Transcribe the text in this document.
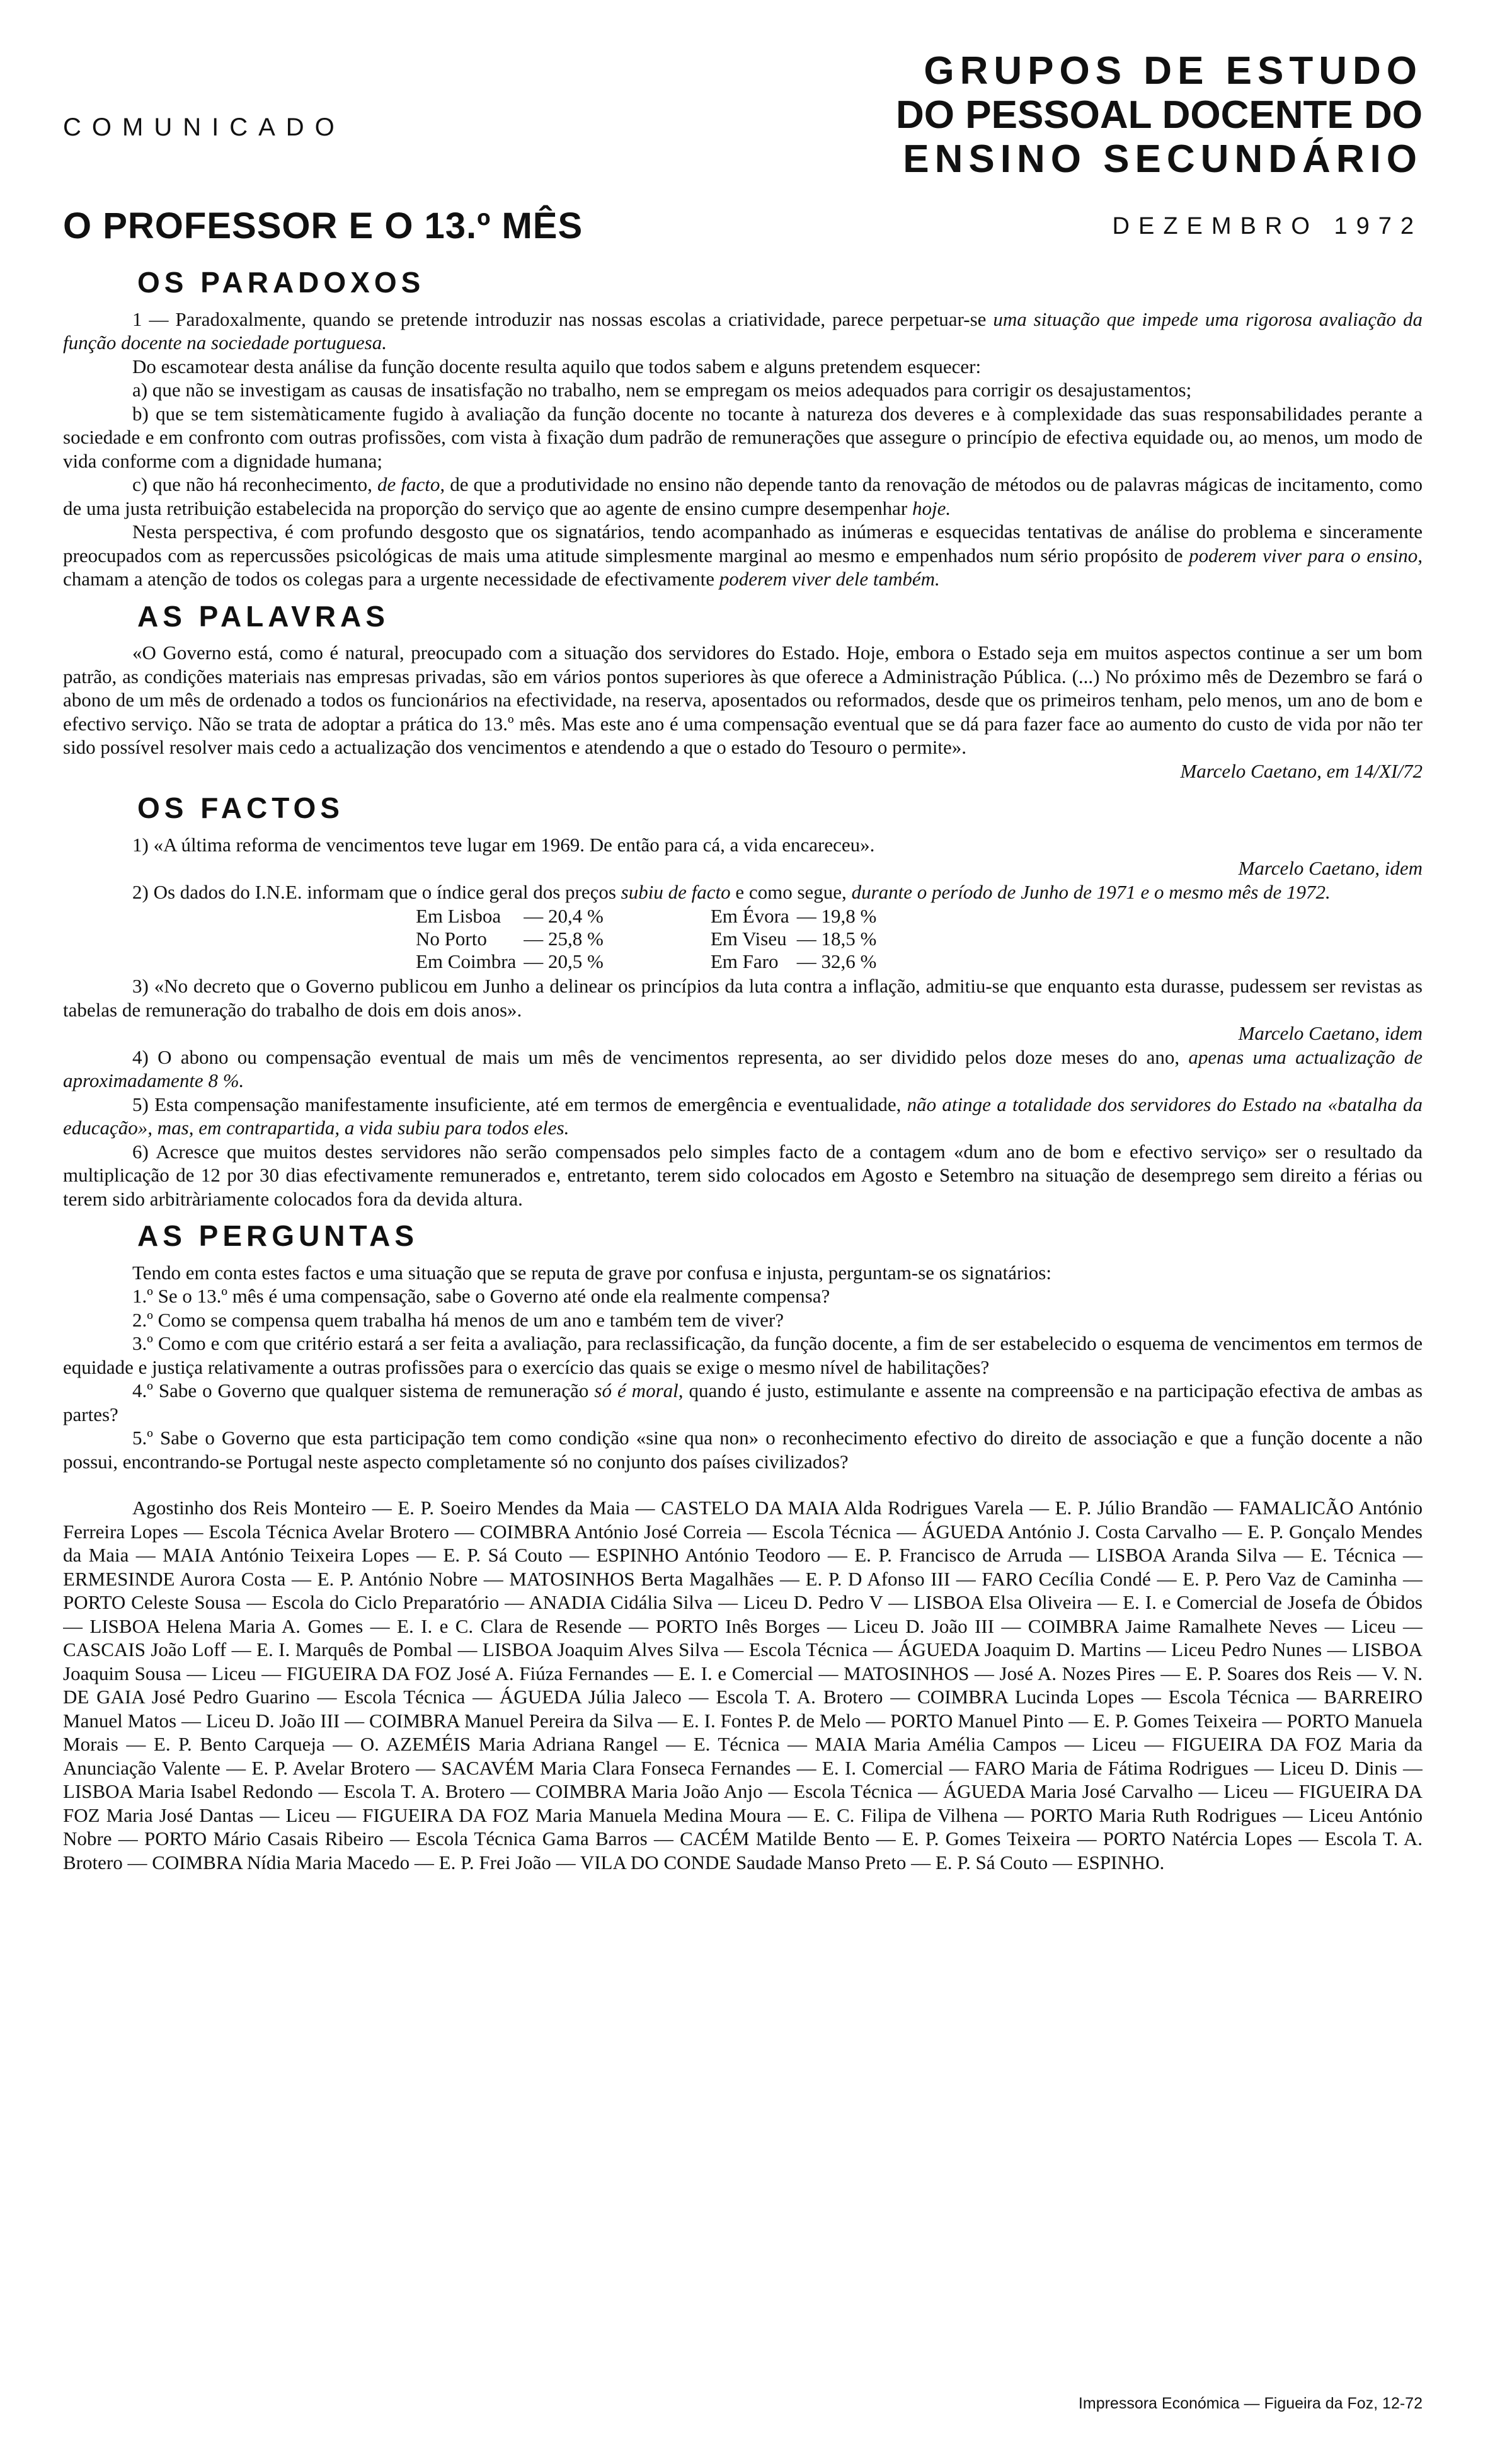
COMUNICADO

O PROFESSOR E O 13.º MÊS
GRUPOS DE ESTUDO
DO PESSOAL DOCENTE DO
ENSINO SECUNDÁRIO

DEZEMBRO 1972

OS PARADOXOS

1 — Paradoxalmente, quando se pretende introduzir nas nossas escolas a criatividade, parece perpetuar-se uma situação que impede uma rigorosa avaliação da função docente na sociedade portuguesa.

Do escamotear desta análise da função docente resulta aquilo que todos sabem e alguns pretendem esquecer:

a) que não se investigam as causas de insatisfação no trabalho, nem se empregam os meios adequados para corrigir os desajustamentos;

b) que se tem sistemàticamente fugido à avaliação da função docente no tocante à natureza dos deveres e à complexidade das suas responsabilidades perante a sociedade e em confronto com outras profissões, com vista à fixação dum padrão de remunerações que assegure o princípio de efectiva equidade ou, ao menos, um modo de vida conforme com a dignidade humana;

c) que não há reconhecimento, de facto, de que a produtividade no ensino não depende tanto da renovação de métodos ou de palavras mágicas de incitamento, como de uma justa retribuição estabelecida na proporção do serviço que ao agente de ensino cumpre desempenhar hoje.

Nesta perspectiva, é com profundo desgosto que os signatários, tendo acompanhado as inúmeras e esquecidas tentativas de análise do problema e sinceramente preocupados com as repercussões psicológicas de mais uma atitude simplesmente marginal ao mesmo e empenhados num sério propósito de poderem viver para o ensino, chamam a atenção de todos os colegas para a urgente necessidade de efectivamente poderem viver dele também.

AS PALAVRAS

«O Governo está, como é natural, preocupado com a situação dos servidores do Estado. Hoje, embora o Estado seja em muitos aspectos continue a ser um bom patrão, as condições materiais nas empresas privadas, são em vários pontos superiores às que oferece a Administração Pública. (...) No próximo mês de Dezembro se fará o abono de um mês de ordenado a todos os funcionários na efectividade, na reserva, aposentados ou reformados, desde que os primeiros tenham, pelo menos, um ano de bom e efectivo serviço. Não se trata de adoptar a prática do 13.º mês. Mas este ano é uma compensação eventual que se dá para fazer face ao aumento do custo de vida por não ter sido possível resolver mais cedo a actualização dos vencimentos e atendendo a que o estado do Tesouro o permite».

Marcelo Caetano, em 14/XI/72

OS FACTOS

1) «A última reforma de vencimentos teve lugar em 1969. De então para cá, a vida encareceu».

Marcelo Caetano, idem

2) Os dados do I.N.E. informam que o índice geral dos preços subiu de facto e como segue, durante o período de Junho de 1971 e o mesmo mês de 1972.

Em Lisboa	— 20,4 %	Em Évora	— 19,8 %
No Porto	— 25,8 %	Em Viseu	— 18,5 %
Em Coimbra	— 20,5 %	Em Faro	— 32,6 %

3) «No decreto que o Governo publicou em Junho a delinear os princípios da luta contra a inflação, admitiu-se que enquanto esta durasse, pudessem ser revistas as tabelas de remuneração do trabalho de dois em dois anos».

Marcelo Caetano, idem

4) O abono ou compensação eventual de mais um mês de vencimentos representa, ao ser dividido pelos doze meses do ano, apenas uma actualização de aproximadamente 8 %.

5) Esta compensação manifestamente insuficiente, até em termos de emergência e eventualidade, não atinge a totalidade dos servidores do Estado na «batalha da educação», mas, em contrapartida, a vida subiu para todos eles.

6) Acresce que muitos destes servidores não serão compensados pelo simples facto de a contagem «dum ano de bom e efectivo serviço» ser o resultado da multiplicação de 12 por 30 dias efectivamente remunerados e, entretanto, terem sido colocados em Agosto e Setembro na situação de desemprego sem direito a férias ou terem sido arbitràriamente colocados fora da devida altura.

AS PERGUNTAS

Tendo em conta estes factos e uma situação que se reputa de grave por confusa e injusta, perguntam-se os signatários:

1.º Se o 13.º mês é uma compensação, sabe o Governo até onde ela realmente compensa?

2.º Como se compensa quem trabalha há menos de um ano e também tem de viver?

3.º Como e com que critério estará a ser feita a avaliação, para reclassificação, da função docente, a fim de ser estabelecido o esquema de vencimentos em termos de equidade e justiça relativamente a outras profissões para o exercício das quais se exige o mesmo nível de habilitações?

4.º Sabe o Governo que qualquer sistema de remuneração só é moral, quando é justo, estimulante e assente na compreensão e na participação efectiva de ambas as partes?

5.º Sabe o Governo que esta participação tem como condição «sine qua non» o reconhecimento efectivo do direito de associação e que a função docente a não possui, encontrando-se Portugal neste aspecto completamente só no conjunto dos países civilizados?

Agostinho dos Reis Monteiro — E. P. Soeiro Mendes da Maia — CASTELO DA MAIA Alda Rodrigues Varela — E. P. Júlio Brandão — FAMALICÃO António Ferreira Lopes — Escola Técnica Avelar Brotero — COIMBRA António José Correia — Escola Técnica — ÁGUEDA António J. Costa Carvalho — E. P. Gonçalo Mendes da Maia — MAIA António Teixeira Lopes — E. P. Sá Couto — ESPINHO António Teodoro — E. P. Francisco de Arruda — LISBOA Aranda Silva — E. Técnica — ERMESINDE Aurora Costa — E. P. António Nobre — MATOSINHOS Berta Magalhães — E. P. D Afonso III — FARO Cecília Condé — E. P. Pero Vaz de Caminha — PORTO Celeste Sousa — Escola do Ciclo Preparatório — ANADIA Cidália Silva — Liceu D. Pedro V — LISBOA Elsa Oliveira — E. I. e Comercial de Josefa de Óbidos — LISBOA Helena Maria A. Gomes — E. I. e C. Clara de Resende — PORTO Inês Borges — Liceu D. João III — COIMBRA Jaime Ramalhete Neves — Liceu — CASCAIS João Loff — E. I. Marquês de Pombal — LISBOA Joaquim Alves Silva — Escola Técnica — ÁGUEDA Joaquim D. Martins — Liceu Pedro Nunes — LISBOA Joaquim Sousa — Liceu — FIGUEIRA DA FOZ José A. Fiúza Fernandes — E. I. e Comercial — MATOSINHOS — José A. Nozes Pires — E. P. Soares dos Reis — V. N. DE GAIA José Pedro Guarino — Escola Técnica — ÁGUEDA Júlia Jaleco — Escola T. A. Brotero — COIMBRA Lucinda Lopes — Escola Técnica — BARREIRO Manuel Matos — Liceu D. João III — COIMBRA Manuel Pereira da Silva — E. I. Fontes P. de Melo — PORTO Manuel Pinto — E. P. Gomes Teixeira — PORTO Manuela Morais — E. P. Bento Carqueja — O. AZEMÉIS Maria Adriana Rangel — E. Técnica — MAIA Maria Amélia Campos — Liceu — FIGUEIRA DA FOZ Maria da Anunciação Valente — E. P. Avelar Brotero — SACAVÉM Maria Clara Fonseca Fernandes — E. I. Comercial — FARO Maria de Fátima Rodrigues — Liceu D. Dinis — LISBOA Maria Isabel Redondo — Escola T. A. Brotero — COIMBRA Maria João Anjo — Escola Técnica — ÁGUEDA Maria José Carvalho — Liceu — FIGUEIRA DA FOZ Maria José Dantas — Liceu — FIGUEIRA DA FOZ Maria Manuela Medina Moura — E. C. Filipa de Vilhena — PORTO Maria Ruth Rodrigues — Liceu António Nobre — PORTO Mário Casais Ribeiro — Escola Técnica Gama Barros — CACÉM Matilde Bento — E. P. Gomes Teixeira — PORTO Natércia Lopes — Escola T. A. Brotero — COIMBRA Nídia Maria Macedo — E. P. Frei João — VILA DO CONDE Saudade Manso Preto — E. P. Sá Couto — ESPINHO.

Impressora Económica — Figueira da Foz, 12-72
